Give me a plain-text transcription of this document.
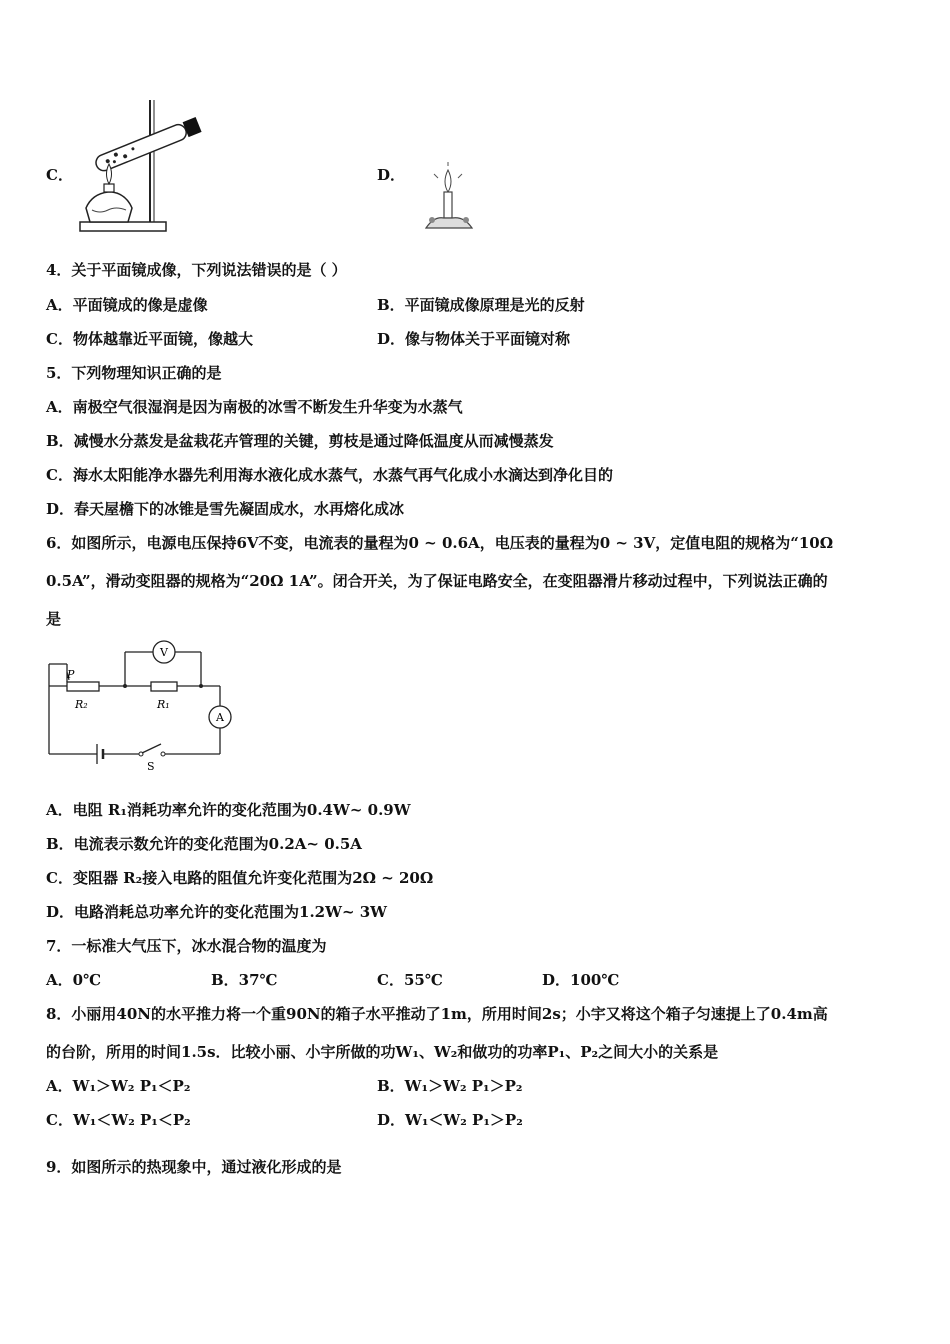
C．	D．
4．关于平面镜成像，下列说法错误的是（ ）
A．平面镜成的像是虚像	B．平面镜成像原理是光的反射
C．物体越靠近平面镜，像越大	D．像与物体关于平面镜对称
5．下列物理知识正确的是
A．南极空气很湿润是因为南极的冰雪不断发生升华变为水蒸气
B．减慢水分蒸发是盆栽花卉管理的关键，剪枝是通过降低温度从而减慢蒸发
C．海水太阳能净水器先利用海水液化成水蒸气，水蒸气再气化成小水滴达到净化目的
D．春天屋檐下的冰锥是雪先凝固成水，水再熔化成冰
6．如图所示，电源电压保持6V不变，电流表的量程为0 ~ 0.6A，电压表的量程为0 ~ 3V，定值电阻的规格为“10Ω
0.5A”，滑动变阻器的规格为“20Ω 1A”。闭合开关，为了保证电路安全，在变阻器滑片移动过程中，下列说法正确的
是
P
R₂	R₁
V
A
S
A．电阻 R₁消耗功率允许的变化范围为0.4W~ 0.9W
B．电流表示数允许的变化范围为0.2A~ 0.5A
C．变阻器 R₂接入电路的阻值允许变化范围为2Ω ~ 20Ω
D．电路消耗总功率允许的变化范围为1.2W~ 3W
7．一标准大气压下，冰水混合物的温度为
A．0℃	B．37℃	C．55℃	D．100℃
8．小丽用40N的水平推力将一个重90N的箱子水平推动了1m，所用时间2s；小宇又将这个箱子匀速提上了0.4m高
的台阶，所用的时间1.5s．比较小丽、小宇所做的功W₁、W₂和做功的功率P₁、P₂之间大小的关系是
A．W₁＞W₂ P₁＜P₂	B．W₁＞W₂ P₁＞P₂
C．W₁＜W₂ P₁＜P₂	D．W₁＜W₂ P₁＞P₂
9．如图所示的热现象中，通过液化形成的是
